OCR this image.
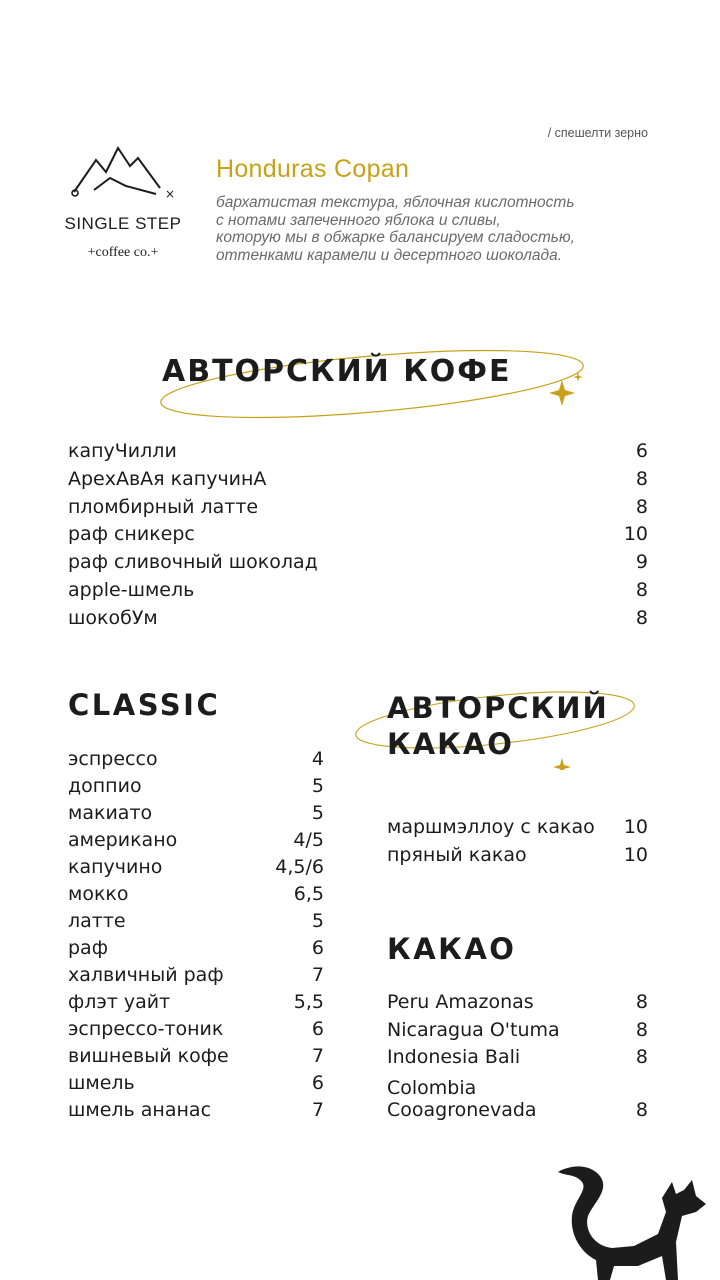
/ спешелти зерно
×
SINGLE STEP
+coffee co.+
Honduras Copan
бархатистая текстура, яблочная кислотность
с нотами запеченного яблока и сливы,
которую мы в обжарке балансируем сладостью,
оттенками карамели и десертного шоколада.
АВТОРСКИЙ КОФЕ
капуЧилли	6
АрехАвАя капучинА	8
пломбирный латте	8
раф сникерс	10
раф сливочный шоколад	9
apple-шмель	8
шокобУм	8
CLASSIC
эспрессо	4
доппио	5
макиато	5
американо	4/5
капучино	4,5/6
мокко	6,5
латте	5
раф	6
халвичный раф	7
флэт уайт	5,5
эспрессо-тоник	6
вишневый кофе	7
шмель	6
шмель ананас	7
АВТОРСКИЙ
КАКАО
маршмэллоу с какао 10
пряный какао	10
КАКАО
Peru Amazonas	8
Nicaragua O'tuma	8
Indonesia Bali	8
Colombia
Cooagronevada	8
